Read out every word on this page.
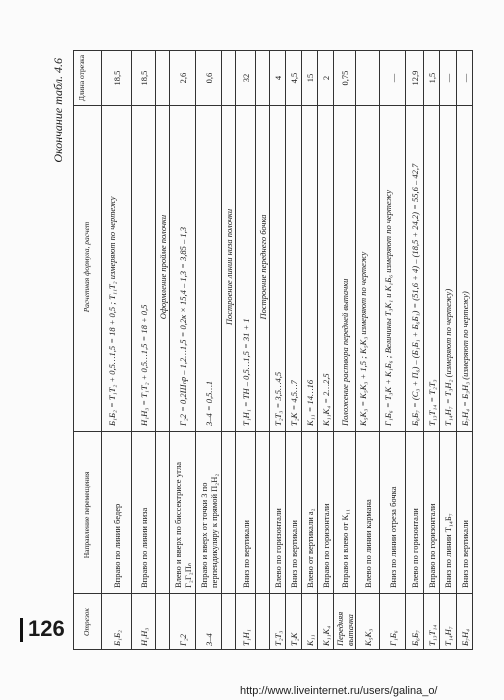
Окончание табл. 4.6
Отрезок
Направление перемещения
Расчетная формула, расчет
Длина отрезка
Б₁Б₂
Вправо по линии бедер
Б₁Б₂ = Т₁Т₂ + 0,5…1,5 = 18 + 0,5 ; Т₁₁Т₂ измеряют по чертежу
18,5
Н₁Н₃
Вправо по линии низа
Н₁Н₃ = Т₁Т₂ + 0,5…1,5 = 18 + 0,5
18,5
Оформление пройме полочки
Г₂2
Влево и вверх по биссектрисе угла Г₂Г₂Пₙ
Г₂2 = 0,2Шₙр – 1,2…1,5 = 0,2к × 15,4 – 1,3 = 3,85 – 1,3
2,6
3–4
Вправо и вверх от точки 3 по перпендикуляру к прямой П₂Н₂
3–4 = 0,5…1
0,6
Построение линии низа полочки
Т₁Н₁
Вниз по вертикали
Т₁Н₁ = ТН – 0,5…1,5 = 31 + 1
32
Построение переднего бочка
Т₂Т₃
Влево по горизонтали
Т₂Т₃ = 3,5…4,5
4
Т₂К
Вниз по вертикали
Т₂К = 4,5…7
4,5
К₁₁
Влево от вертикали а₂
К₁₁ = 14…16
15
К₁₁К₄
Вправо по горизонтали
К₁₁К₄ = 2…2,5
2
Передняя вытачка
Вправо и влево от К₁₁
Положение раствора передней вытачки
0,75
К₅К₃
Влево по линии кармана
К₅К₃ = К₅К₃ + 1,5 ; К₅К₃ измеряют по чертежу
Г₁Б₆
Вниз по линии отреза бочка
Г₁Б₆ = Т₃К + К₁Б₆ ; Величины Т₃К₁ и К₁Б₆ измеряют по чертежу
—
Б₆Б₇
Влево по горизонтали
Б₆Б₇ = (С₃ + П₆) – (Б₁Б₁ + Б₆Б₁) = (51,6 + 4) – (18,5 + 24,2) = 55,6 – 42,7
12,9
Т₁₃Т₁₄
Вправо по горизонтали
Т₁₃Т₁₄ = Т₂Т₃
1,5
Т₁₄Н₇
Вниз по линии Т₁₄Б₇
Т₁₄Н₇ = Т₃Н₂ (измеряют по чертежу)
—
Б₇Н₄
Вниз по вертикали
Б₇Н₄ = Б₃Н₃ (измеряют по чертежу)
—
126
http://www.liveinternet.ru/users/galina_o/
